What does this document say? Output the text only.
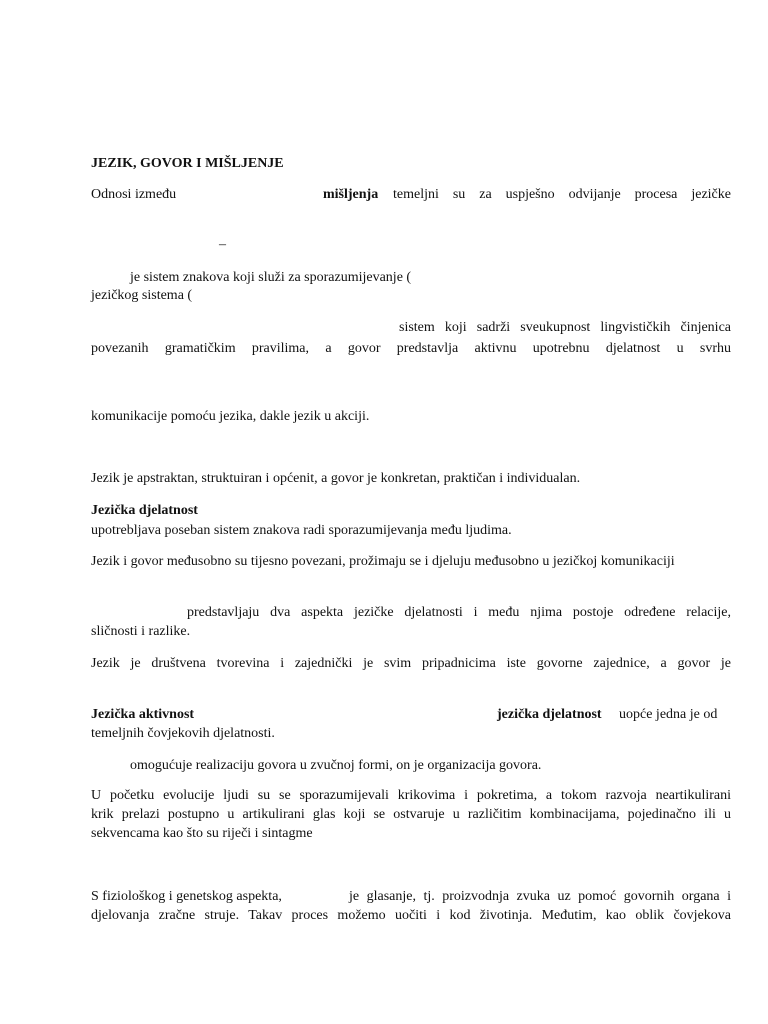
JEZIK, GOVOR I MIŠLJENJE
Odnosi između	mišljenja temeljni su za uspješno odvijanje procesa jezičke
–
je sistem znakova koji služi za sporazumijevanje (
jezičkog sistema (
sistem koji sadrži sveukupnost lingvističkih činjenica
povezanih gramatičkim pravilima, a govor predstavlja aktivnu upotrebnu djelatnost u svrhu
komunikacije pomoću jezika, dakle jezik u akciji.
Jezik je apstraktan, struktuiran i općenit, a govor je konkretan, praktičan i individualan.
Jezička djelatnost
upotrebljava poseban sistem znakova radi sporazumijevanja među ljudima.
Jezik i govor međusobno su tijesno povezani, prožimaju se i djeluju međusobno u jezičkoj komunikaciji
predstavljaju dva aspekta jezičke djelatnosti i među njima postoje određene relacije,
sličnosti i razlike.
Jezik je društvena tvorevina i zajednički je svim pripadnicima iste govorne zajednice, a govor je
Jezička aktivnost	jezička djelatnost uopće jedna je od
temeljnih čovjekovih djelatnosti.
omogućuje realizaciju govora u zvučnoj formi, on je organizacija govora.
U početku evolucije ljudi su se sporazumijevali krikovima i pokretima, a tokom razvoja neartikulirani
krik prelazi postupno u artikulirani glas koji se ostvaruje u različitim kombinacijama, pojedinačno ili u
sekvencama kao što su riječi i sintagme
S fiziološkog i genetskog aspekta,	je glasanje, tj. proizvodnja zvuka uz pomoć govornih organa i
djelovanja zračne struje. Takav proces možemo uočiti i kod životinja. Međutim, kao oblik čovjekova
